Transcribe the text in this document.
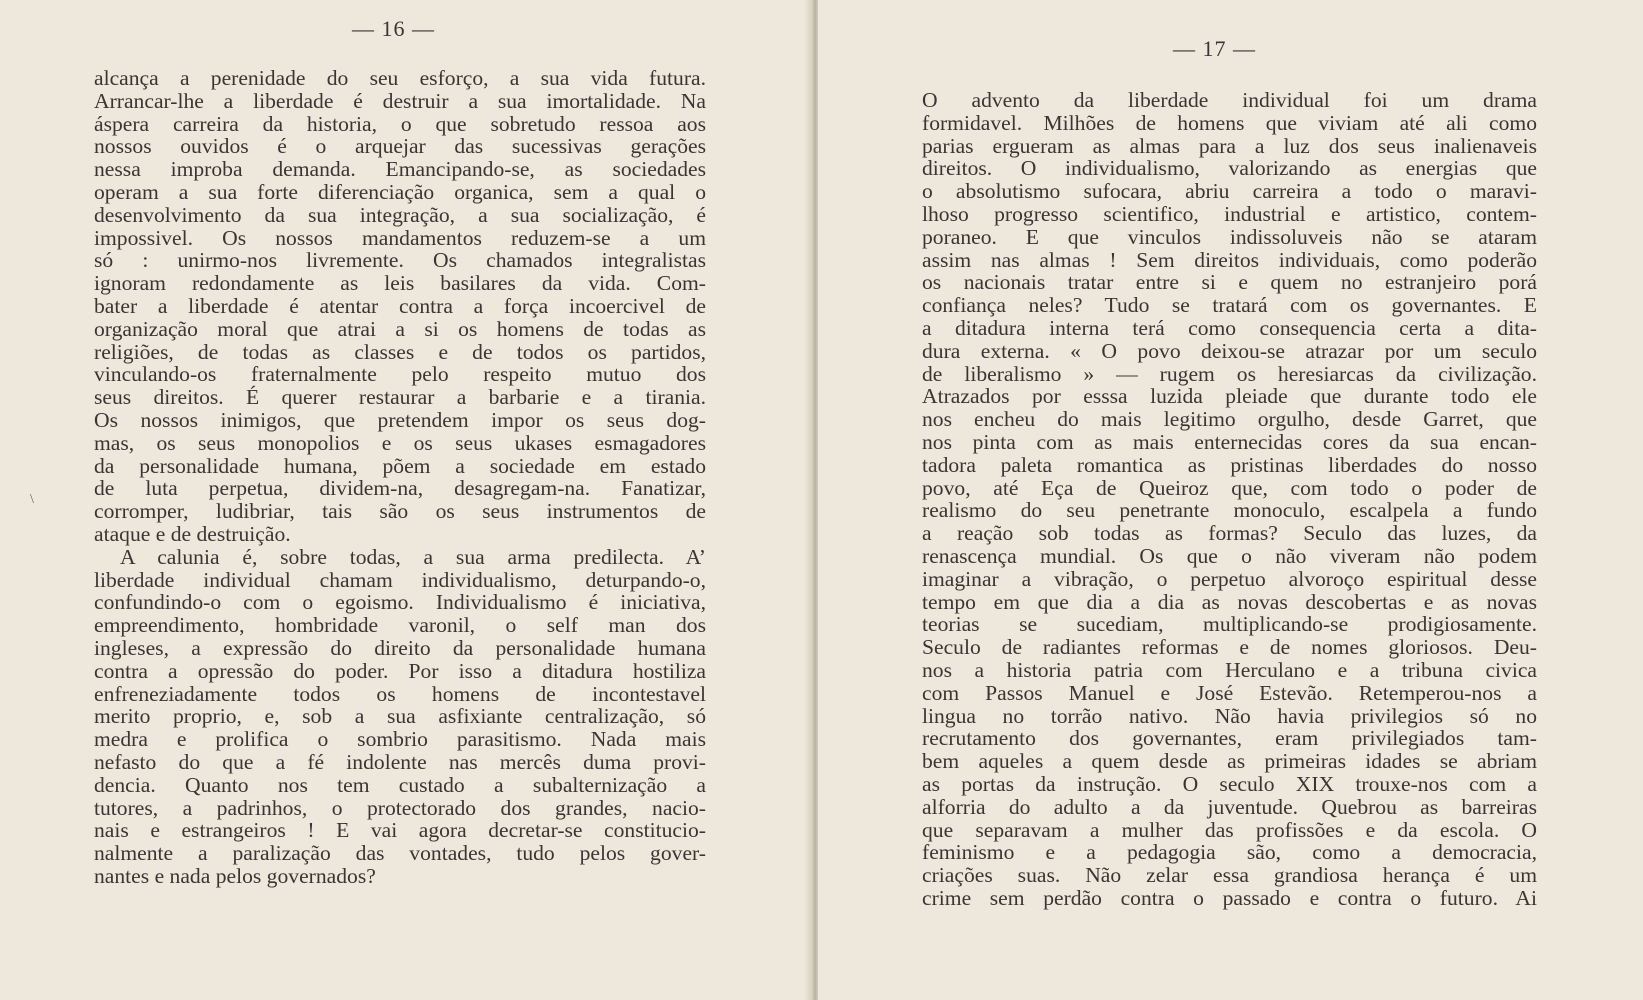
— 16 —
alcança a perenidade do seu esforço, a sua vida futura.
Arrancar-lhe a liberdade é destruir a sua imortalidade. Na
áspera carreira da historia, o que sobretudo ressoa aos
nossos ouvidos é o arquejar das sucessivas gerações
nessa improba demanda. Emancipando-se, as sociedades
operam a sua forte diferenciação organica, sem a qual o
desenvolvimento da sua integração, a sua socialização, é
impossivel. Os nossos mandamentos reduzem-se a um
só : unirmo-nos livremente. Os chamados integralistas
ignoram redondamente as leis basilares da vida. Com-
bater a liberdade é atentar contra a força incoercivel de
organização moral que atrai a si os homens de todas as
religiões, de todas as classes e de todos os partidos,
vinculando-os fraternalmente pelo respeito mutuo dos
seus direitos. É querer restaurar a barbarie e a tirania.
Os nossos inimigos, que pretendem impor os seus dog-
mas, os seus monopolios e os seus ukases esmagadores
da personalidade humana, põem a sociedade em estado
de luta perpetua, dividem-na, desagregam-na. Fanatizar,
corromper, ludibriar, tais são os seus instrumentos de
ataque e de destruição.
A calunia é, sobre todas, a sua arma predilecta. A’
liberdade individual chamam individualismo, deturpando-o,
confundindo-o com o egoismo. Individualismo é iniciativa,
empreendimento, hombridade varonil, o self man dos
ingleses, a expressão do direito da personalidade humana
contra a opressão do poder. Por isso a ditadura hostiliza
enfreneziadamente todos os homens de incontestavel
merito proprio, e, sob a sua asfixiante centralização, só
medra e prolifica o sombrio parasitismo. Nada mais
nefasto do que a fé indolente nas mercês duma provi-
dencia. Quanto nos tem custado a subalternização a
tutores, a padrinhos, o protectorado dos grandes, nacio-
nais e estrangeiros ! E vai agora decretar-se constitucio-
nalmente a paralização das vontades, tudo pelos gover-
nantes e nada pelos governados?
\
— 17 —
O advento da liberdade individual foi um drama
formidavel. Milhões de homens que viviam até ali como
parias ergueram as almas para a luz dos seus inalienaveis
direitos. O individualismo, valorizando as energias que
o absolutismo sufocara, abriu carreira a todo o maravi-
lhoso progresso scientifico, industrial e artistico, contem-
poraneo. E que vinculos indissoluveis não se ataram
assim nas almas ! Sem direitos individuais, como poderão
os nacionais tratar entre si e quem no estranjeiro porá
confiança neles? Tudo se tratará com os governantes. E
a ditadura interna terá como consequencia certa a dita-
dura externa. « O povo deixou-se atrazar por um seculo
de liberalismo » — rugem os heresiarcas da civilização.
Atrazados por esssa luzida pleiade que durante todo ele
nos encheu do mais legitimo orgulho, desde Garret, que
nos pinta com as mais enternecidas cores da sua encan-
tadora paleta romantica as pristinas liberdades do nosso
povo, até Eça de Queiroz que, com todo o poder de
realismo do seu penetrante monoculo, escalpela a fundo
a reação sob todas as formas? Seculo das luzes, da
renascença mundial. Os que o não viveram não podem
imaginar a vibração, o perpetuo alvoroço espiritual desse
tempo em que dia a dia as novas descobertas e as novas
teorias se sucediam, multiplicando-se prodigiosamente.
Seculo de radiantes reformas e de nomes gloriosos. Deu-
nos a historia patria com Herculano e a tribuna civica
com Passos Manuel e José Estevão. Retemperou-nos a
lingua no torrão nativo. Não havia privilegios só no
recrutamento dos governantes, eram privilegiados tam-
bem aqueles a quem desde as primeiras idades se abriam
as portas da instrução. O seculo XIX trouxe-nos com a
alforria do adulto a da juventude. Quebrou as barreiras
que separavam a mulher das profissões e da escola. O
feminismo e a pedagogia são, como a democracia,
criações suas. Não zelar essa grandiosa herança é um
crime sem perdão contra o passado e contra o futuro. Ai
